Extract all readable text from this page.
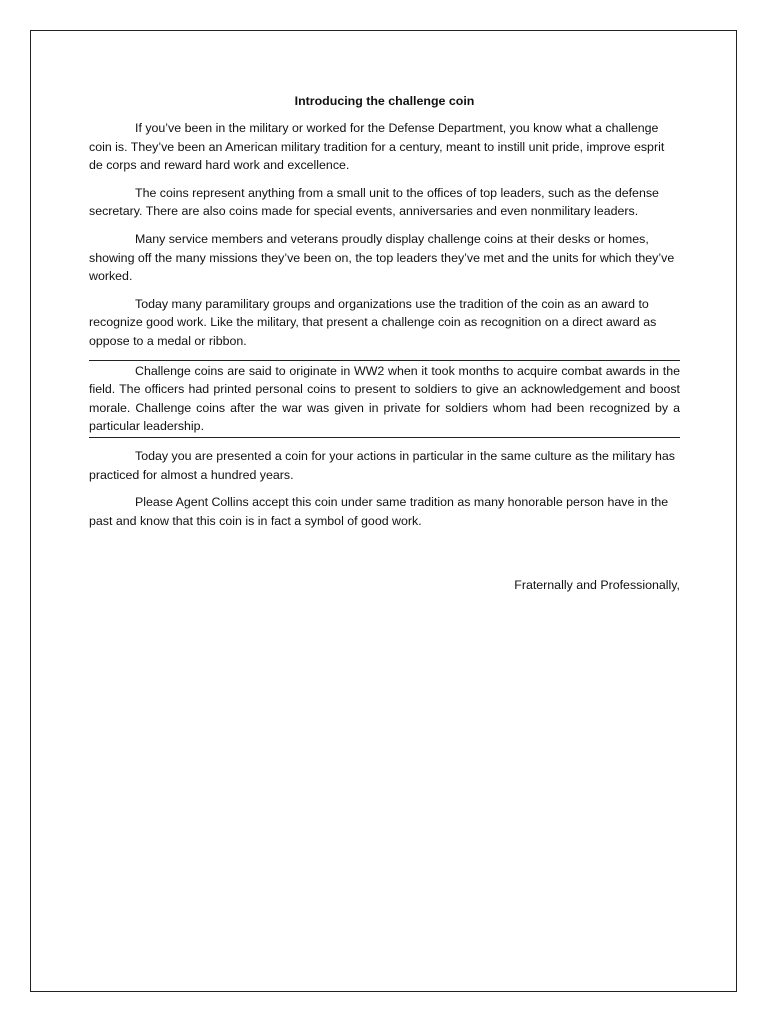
Introducing the challenge coin

If you’ve been in the military or worked for the Defense Department, you know what a challenge coin is. They’ve been an American military tradition for a century, meant to instill unit pride, improve esprit de corps and reward hard work and excellence.

The coins represent anything from a small unit to the offices of top leaders, such as the defense secretary. There are also coins made for special events, anniversaries and even nonmilitary leaders.

Many service members and veterans proudly display challenge coins at their desks or homes, showing off the many missions they’ve been on, the top leaders they’ve met and the units for which they’ve worked.

Today many paramilitary groups and organizations use the tradition of the coin as an award to recognize good work. Like the military, that present a challenge coin as recognition on a direct award as oppose to a medal or ribbon.

Challenge coins are said to originate in WW2 when it took months to acquire combat awards in the field. The officers had printed personal coins to present to soldiers to give an acknowledgement and boost morale. Challenge coins after the war was given in private for soldiers whom had been recognized by a particular leadership.

Today you are presented a coin for your actions in particular in the same culture as the military has practiced for almost a hundred years.

Please Agent Collins accept this coin under same tradition as many honorable person have in the past and know that this coin is in fact a symbol of good work.

Fraternally and Professionally,
